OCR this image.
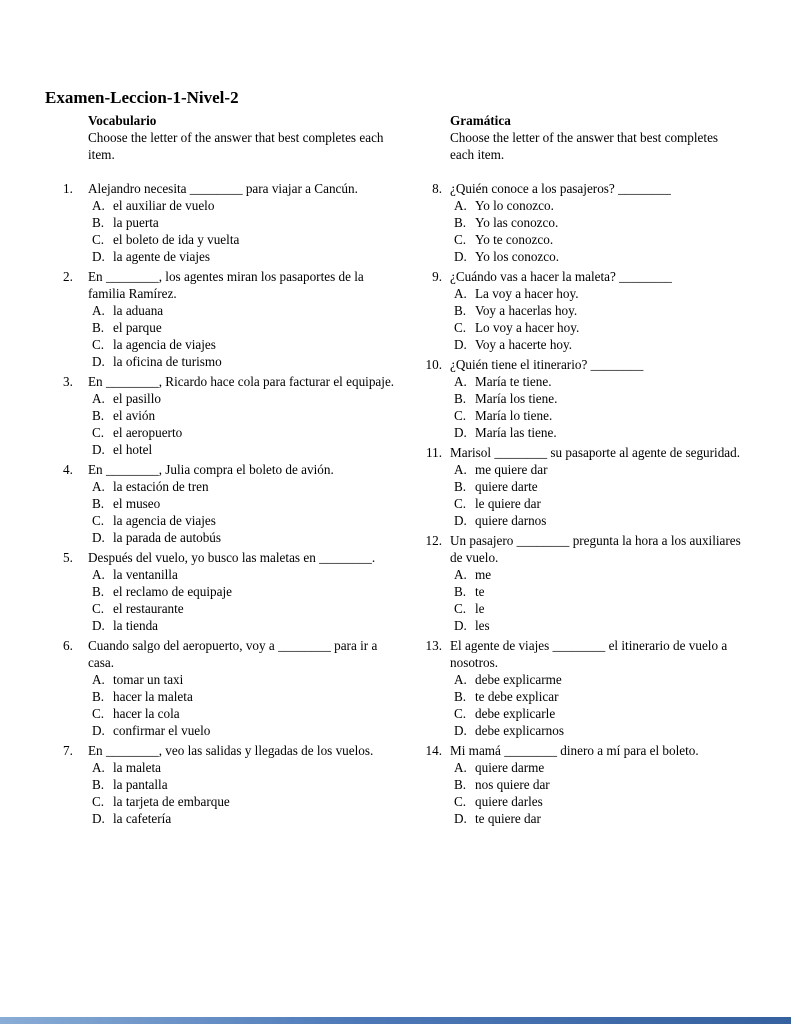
Examen-Leccion-1-Nivel-2
Vocabulario
Choose the letter of the answer that best completes each item.
1.	Alejandro necesita ________ para viajar a Cancún.
A. el auxiliar de vuelo
B. la puerta
C. el boleto de ida y vuelta
D. la agente de viajes
2.	En ________, los agentes miran los pasaportes de la familia Ramírez.
A. la aduana
B. el parque
C. la agencia de viajes
D. la oficina de turismo
3.	En ________, Ricardo hace cola para facturar el equipaje.
A. el pasillo
B. el avión
C. el aeropuerto
D. el hotel
4.	En ________, Julia compra el boleto de avión.
A. la estación de tren
B. el museo
C. la agencia de viajes
D. la parada de autobús
5.	Después del vuelo, yo busco las maletas en ________.
A. la ventanilla
B. el reclamo de equipaje
C. el restaurante
D. la tienda
6.	Cuando salgo del aeropuerto, voy a ________ para ir a casa.
A. tomar un taxi
B. hacer la maleta
C. hacer la cola
D. confirmar el vuelo
7.	En ________, veo las salidas y llegadas de los vuelos.
A. la maleta
B. la pantalla
C. la tarjeta de embarque
D. la cafetería
Gramática
Choose the letter of the answer that best completes each item.
8. ¿Quién conoce a los pasajeros? ________
A. Yo lo conozco.
B. Yo las conozco.
C. Yo te conozco.
D. Yo los conozco.
9. ¿Cuándo vas a hacer la maleta? ________
A. La voy a hacer hoy.
B. Voy a hacerlas hoy.
C. Lo voy a hacer hoy.
D. Voy a hacerte hoy.
10. ¿Quién tiene el itinerario? ________
A. María te tiene.
B. María los tiene.
C. María lo tiene.
D. María las tiene.
11. Marisol ________ su pasaporte al agente de seguridad.
A. me quiere dar
B. quiere darte
C. le quiere dar
D. quiere darnos
12. Un pasajero ________ pregunta la hora a los auxiliares de vuelo.
A. me
B. te
C. le
D. les
13. El agente de viajes ________ el itinerario de vuelo a nosotros.
A. debe explicarme
B. te debe explicar
C. debe explicarle
D. debe explicarnos
14. Mi mamá ________ dinero a mí para el boleto.
A. quiere darme
B. nos quiere dar
C. quiere darles
D. te quiere dar
